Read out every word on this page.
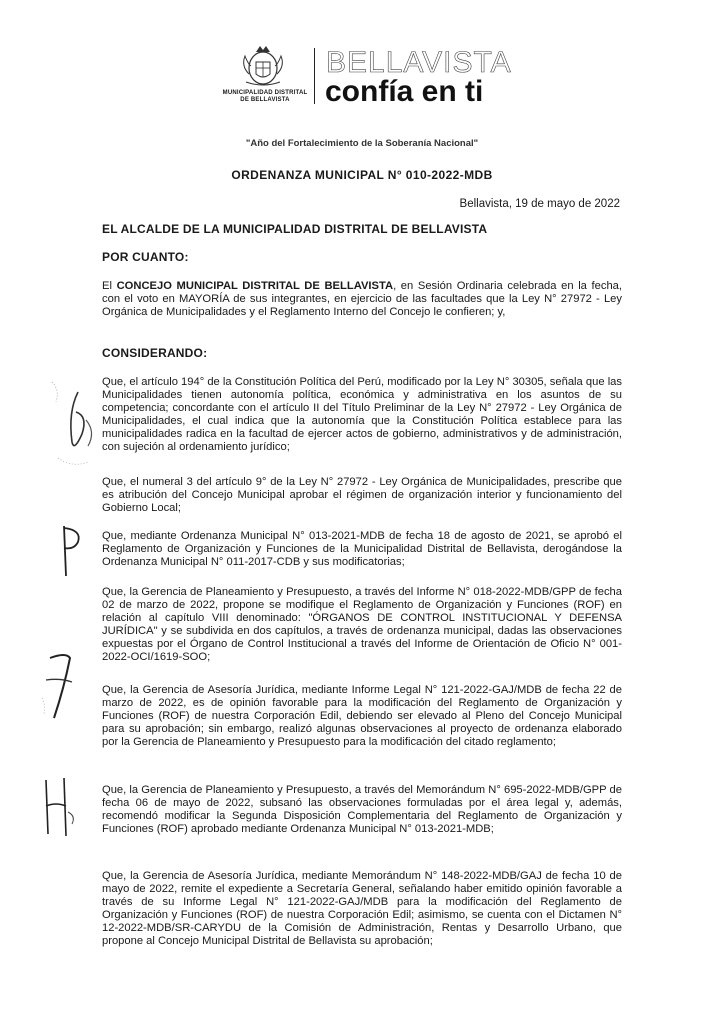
MUNICIPALIDAD DISTRITAL DE BELLAVISTA
BELLAVISTA
confía en ti
"Año del Fortalecimiento de la Soberanía Nacional"
ORDENANZA MUNICIPAL N° 010-2022-MDB
Bellavista, 19 de mayo de 2022
EL ALCALDE DE LA MUNICIPALIDAD DISTRITAL DE BELLAVISTA
POR CUANTO:
El CONCEJO MUNICIPAL DISTRITAL DE BELLAVISTA, en Sesión Ordinaria celebrada en la fecha, con el voto en MAYORÍA de sus integrantes, en ejercicio de las facultades que la Ley N° 27972 - Ley Orgánica de Municipalidades y el Reglamento Interno del Concejo le confieren; y,
CONSIDERANDO:
Que, el artículo 194° de la Constitución Política del Perú, modificado por la Ley N° 30305, señala que las Municipalidades tienen autonomía política, económica y administrativa en los asuntos de su competencia; concordante con el artículo II del Título Preliminar de la Ley N° 27972 - Ley Orgánica de Municipalidades, el cual indica que la autonomía que la Constitución Política establece para las municipalidades radica en la facultad de ejercer actos de gobierno, administrativos y de administración, con sujeción al ordenamiento jurídico;
Que, el numeral 3 del artículo 9° de la Ley N° 27972 - Ley Orgánica de Municipalidades, prescribe que es atribución del Concejo Municipal aprobar el régimen de organización interior y funcionamiento del Gobierno Local;
Que, mediante Ordenanza Municipal N° 013-2021-MDB de fecha 18 de agosto de 2021, se aprobó el Reglamento de Organización y Funciones de la Municipalidad Distrital de Bellavista, derogándose la Ordenanza Municipal N° 011-2017-CDB y sus modificatorias;
Que, la Gerencia de Planeamiento y Presupuesto, a través del Informe N° 018-2022-MDB/GPP de fecha 02 de marzo de 2022, propone se modifique el Reglamento de Organización y Funciones (ROF) en relación al capítulo VIII denominado: "ÓRGANOS DE CONTROL INSTITUCIONAL Y DEFENSA JURÍDICA" y se subdivida en dos capítulos, a través de ordenanza municipal, dadas las observaciones expuestas por el Órgano de Control Institucional a través del Informe de Orientación de Oficio N° 001-2022-OCI/1619-SOO;
Que, la Gerencia de Asesoría Jurídica, mediante Informe Legal N° 121-2022-GAJ/MDB de fecha 22 de marzo de 2022, es de opinión favorable para la modificación del Reglamento de Organización y Funciones (ROF) de nuestra Corporación Edil, debiendo ser elevado al Pleno del Concejo Municipal para su aprobación; sin embargo, realizó algunas observaciones al proyecto de ordenanza elaborado por la Gerencia de Planeamiento y Presupuesto para la modificación del citado reglamento;
Que, la Gerencia de Planeamiento y Presupuesto, a través del Memorándum N° 695-2022-MDB/GPP de fecha 06 de mayo de 2022, subsanó las observaciones formuladas por el área legal y, además, recomendó modificar la Segunda Disposición Complementaria del Reglamento de Organización y Funciones (ROF) aprobado mediante Ordenanza Municipal N° 013-2021-MDB;
Que, la Gerencia de Asesoría Jurídica, mediante Memorándum N° 148-2022-MDB/GAJ de fecha 10 de mayo de 2022, remite el expediente a Secretaría General, señalando haber emitido opinión favorable a través de su Informe Legal N° 121-2022-GAJ/MDB para la modificación del Reglamento de Organización y Funciones (ROF) de nuestra Corporación Edil; asimismo, se cuenta con el Dictamen N° 12-2022-MDB/SR-CARYDU de la Comisión de Administración, Rentas y Desarrollo Urbano, que propone al Concejo Municipal Distrital de Bellavista su aprobación;
